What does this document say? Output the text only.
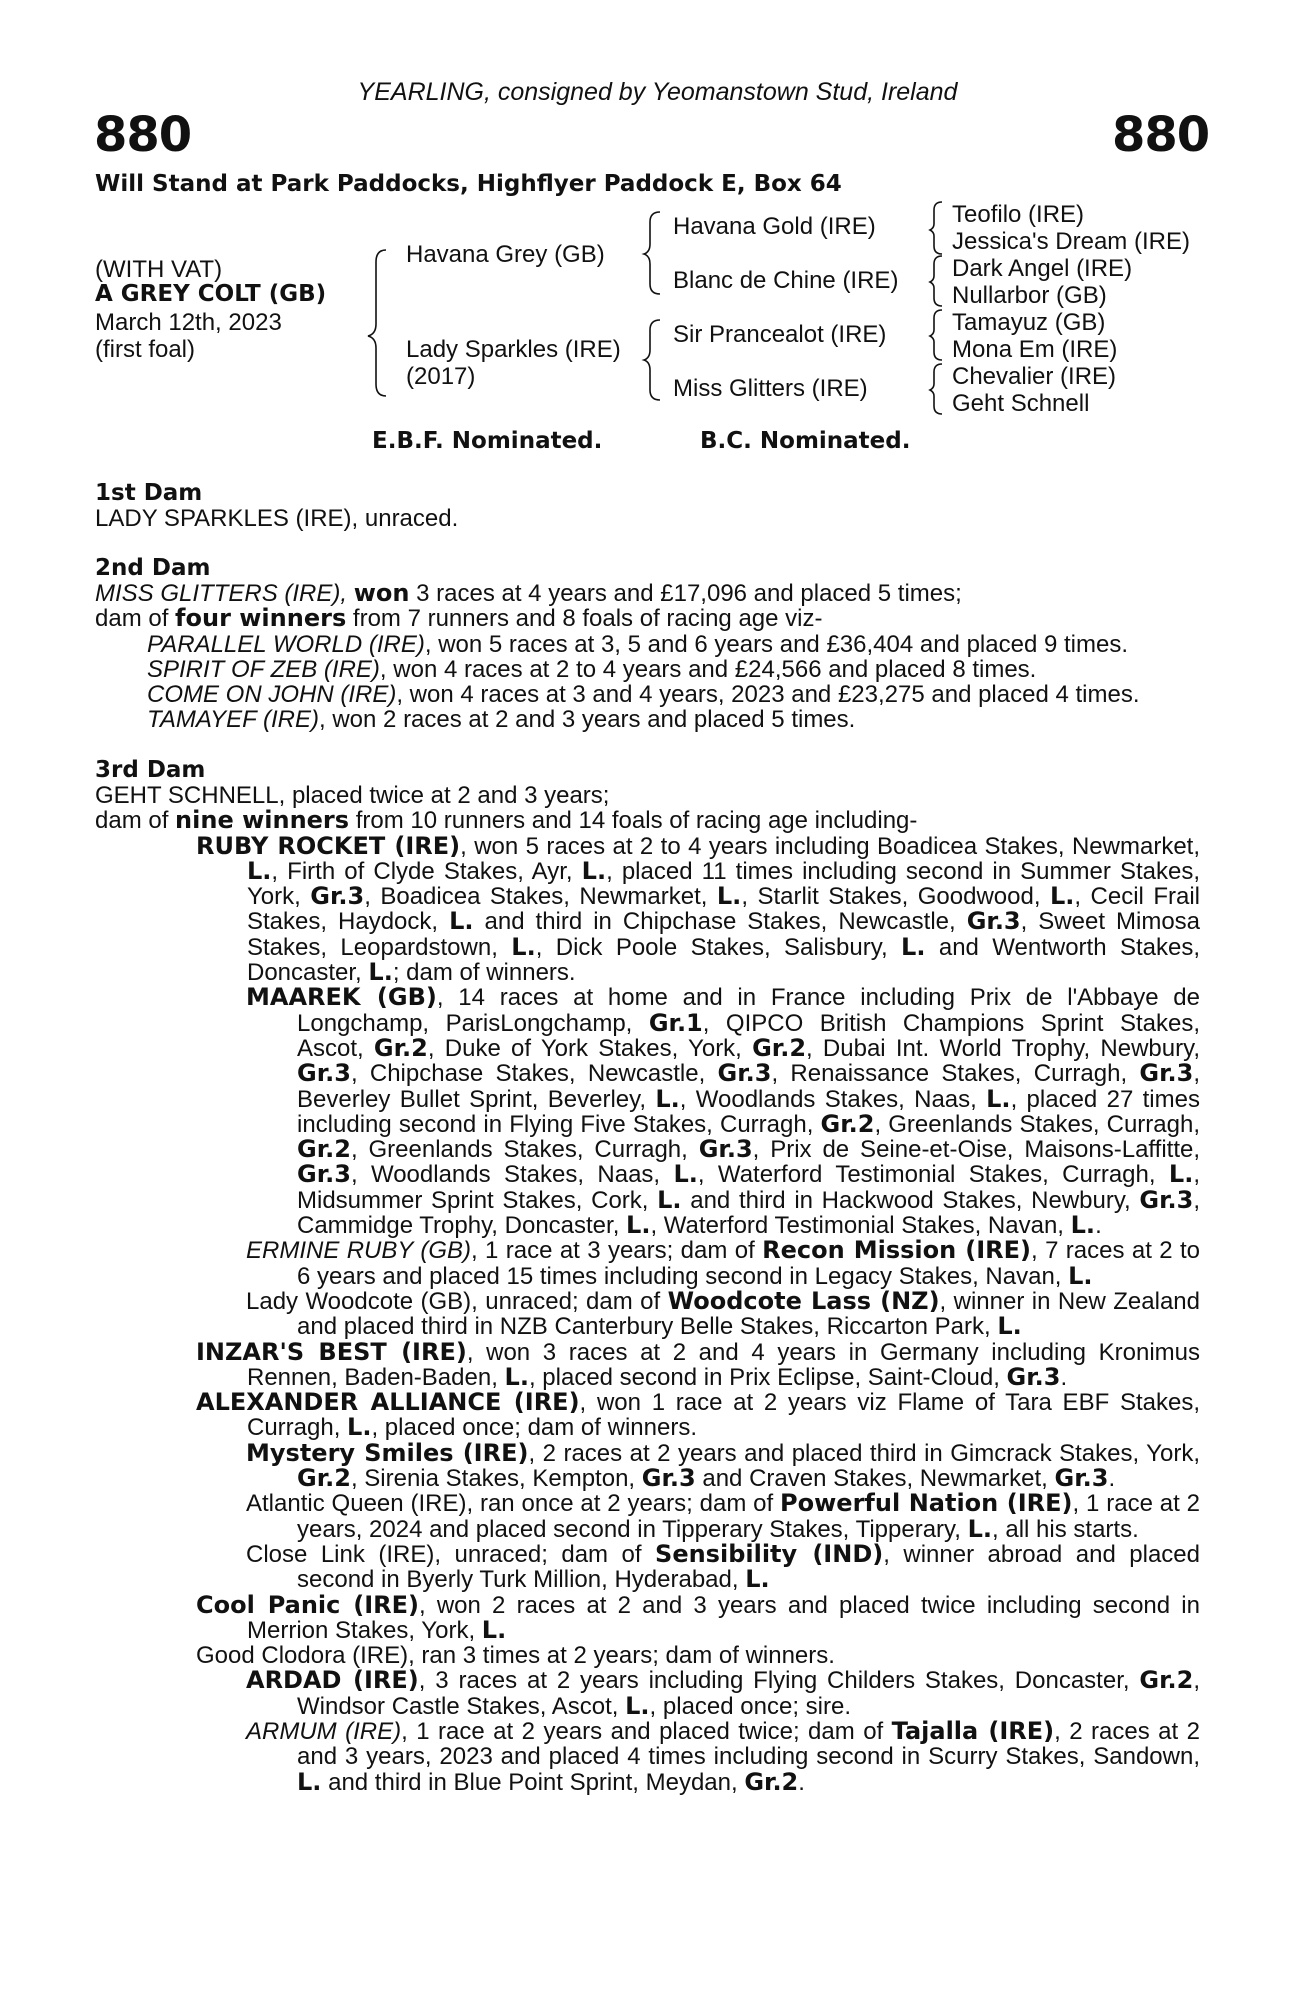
YEARLING, consigned by Yeomanstown Stud, Ireland
880	880
Will Stand at Park Paddocks, Highflyer Paddock E, Box 64
(WITH VAT)
A GREY COLT (GB)
March 12th, 2023
(first foal)
Havana Grey (GB)
Lady Sparkles (IRE)
(2017)
Havana Gold (IRE)
Blanc de Chine (IRE)
Sir Prancealot (IRE)
Miss Glitters (IRE)
Teofilo (IRE)
Jessica's Dream (IRE)
Dark Angel (IRE)
Nullarbor (GB)
Tamayuz (GB)
Mona Em (IRE)
Chevalier (IRE)
Geht Schnell
E.B.F. Nominated.	B.C. Nominated.
1st Dam
LADY SPARKLES (IRE), unraced.
2nd Dam
MISS GLITTERS (IRE), won 3 races at 4 years and £17,096 and placed 5 times;
dam of four winners from 7 runners and 8 foals of racing age viz-
PARALLEL WORLD (IRE), won 5 races at 3, 5 and 6 years and £36,404 and placed 9 times.
SPIRIT OF ZEB (IRE), won 4 races at 2 to 4 years and £24,566 and placed 8 times.
COME ON JOHN (IRE), won 4 races at 3 and 4 years, 2023 and £23,275 and placed 4 times.
TAMAYEF (IRE), won 2 races at 2 and 3 years and placed 5 times.
3rd Dam
GEHT SCHNELL, placed twice at 2 and 3 years;
dam of nine winners from 10 runners and 14 foals of racing age including-
RUBY ROCKET (IRE), won 5 races at 2 to 4 years including Boadicea Stakes, Newmarket, L., Firth of Clyde Stakes, Ayr, L., placed 11 times including second in Summer Stakes, York, Gr.3, Boadicea Stakes, Newmarket, L., Starlit Stakes, Goodwood, L., Cecil Frail Stakes, Haydock, L. and third in Chipchase Stakes, Newcastle, Gr.3, Sweet Mimosa Stakes, Leopardstown, L., Dick Poole Stakes, Salisbury, L. and Wentworth Stakes, Doncaster, L.; dam of winners.
MAAREK (GB), 14 races at home and in France including Prix de l'Abbaye de Longchamp, ParisLongchamp, Gr.1, QIPCO British Champions Sprint Stakes, Ascot, Gr.2, Duke of York Stakes, York, Gr.2, Dubai Int. World Trophy, Newbury, Gr.3, Chipchase Stakes, Newcastle, Gr.3, Renaissance Stakes, Curragh, Gr.3, Beverley Bullet Sprint, Beverley, L., Woodlands Stakes, Naas, L., placed 27 times including second in Flying Five Stakes, Curragh, Gr.2, Greenlands Stakes, Curragh, Gr.2, Greenlands Stakes, Curragh, Gr.3, Prix de Seine-et-Oise, Maisons-Laffitte, Gr.3, Woodlands Stakes, Naas, L., Waterford Testimonial Stakes, Curragh, L., Midsummer Sprint Stakes, Cork, L. and third in Hackwood Stakes, Newbury, Gr.3, Cammidge Trophy, Doncaster, L., Waterford Testimonial Stakes, Navan, L..
ERMINE RUBY (GB), 1 race at 3 years; dam of Recon Mission (IRE), 7 races at 2 to 6 years and placed 15 times including second in Legacy Stakes, Navan, L.
Lady Woodcote (GB), unraced; dam of Woodcote Lass (NZ), winner in New Zealand and placed third in NZB Canterbury Belle Stakes, Riccarton Park, L.
INZAR'S BEST (IRE), won 3 races at 2 and 4 years in Germany including Kronimus Rennen, Baden-Baden, L., placed second in Prix Eclipse, Saint-Cloud, Gr.3.
ALEXANDER ALLIANCE (IRE), won 1 race at 2 years viz Flame of Tara EBF Stakes, Curragh, L., placed once; dam of winners.
Mystery Smiles (IRE), 2 races at 2 years and placed third in Gimcrack Stakes, York, Gr.2, Sirenia Stakes, Kempton, Gr.3 and Craven Stakes, Newmarket, Gr.3.
Atlantic Queen (IRE), ran once at 2 years; dam of Powerful Nation (IRE), 1 race at 2 years, 2024 and placed second in Tipperary Stakes, Tipperary, L., all his starts.
Close Link (IRE), unraced; dam of Sensibility (IND), winner abroad and placed second in Byerly Turk Million, Hyderabad, L.
Cool Panic (IRE), won 2 races at 2 and 3 years and placed twice including second in Merrion Stakes, York, L.
Good Clodora (IRE), ran 3 times at 2 years; dam of winners.
ARDAD (IRE), 3 races at 2 years including Flying Childers Stakes, Doncaster, Gr.2, Windsor Castle Stakes, Ascot, L., placed once; sire.
ARMUM (IRE), 1 race at 2 years and placed twice; dam of Tajalla (IRE), 2 races at 2 and 3 years, 2023 and placed 4 times including second in Scurry Stakes, Sandown, L. and third in Blue Point Sprint, Meydan, Gr.2.
